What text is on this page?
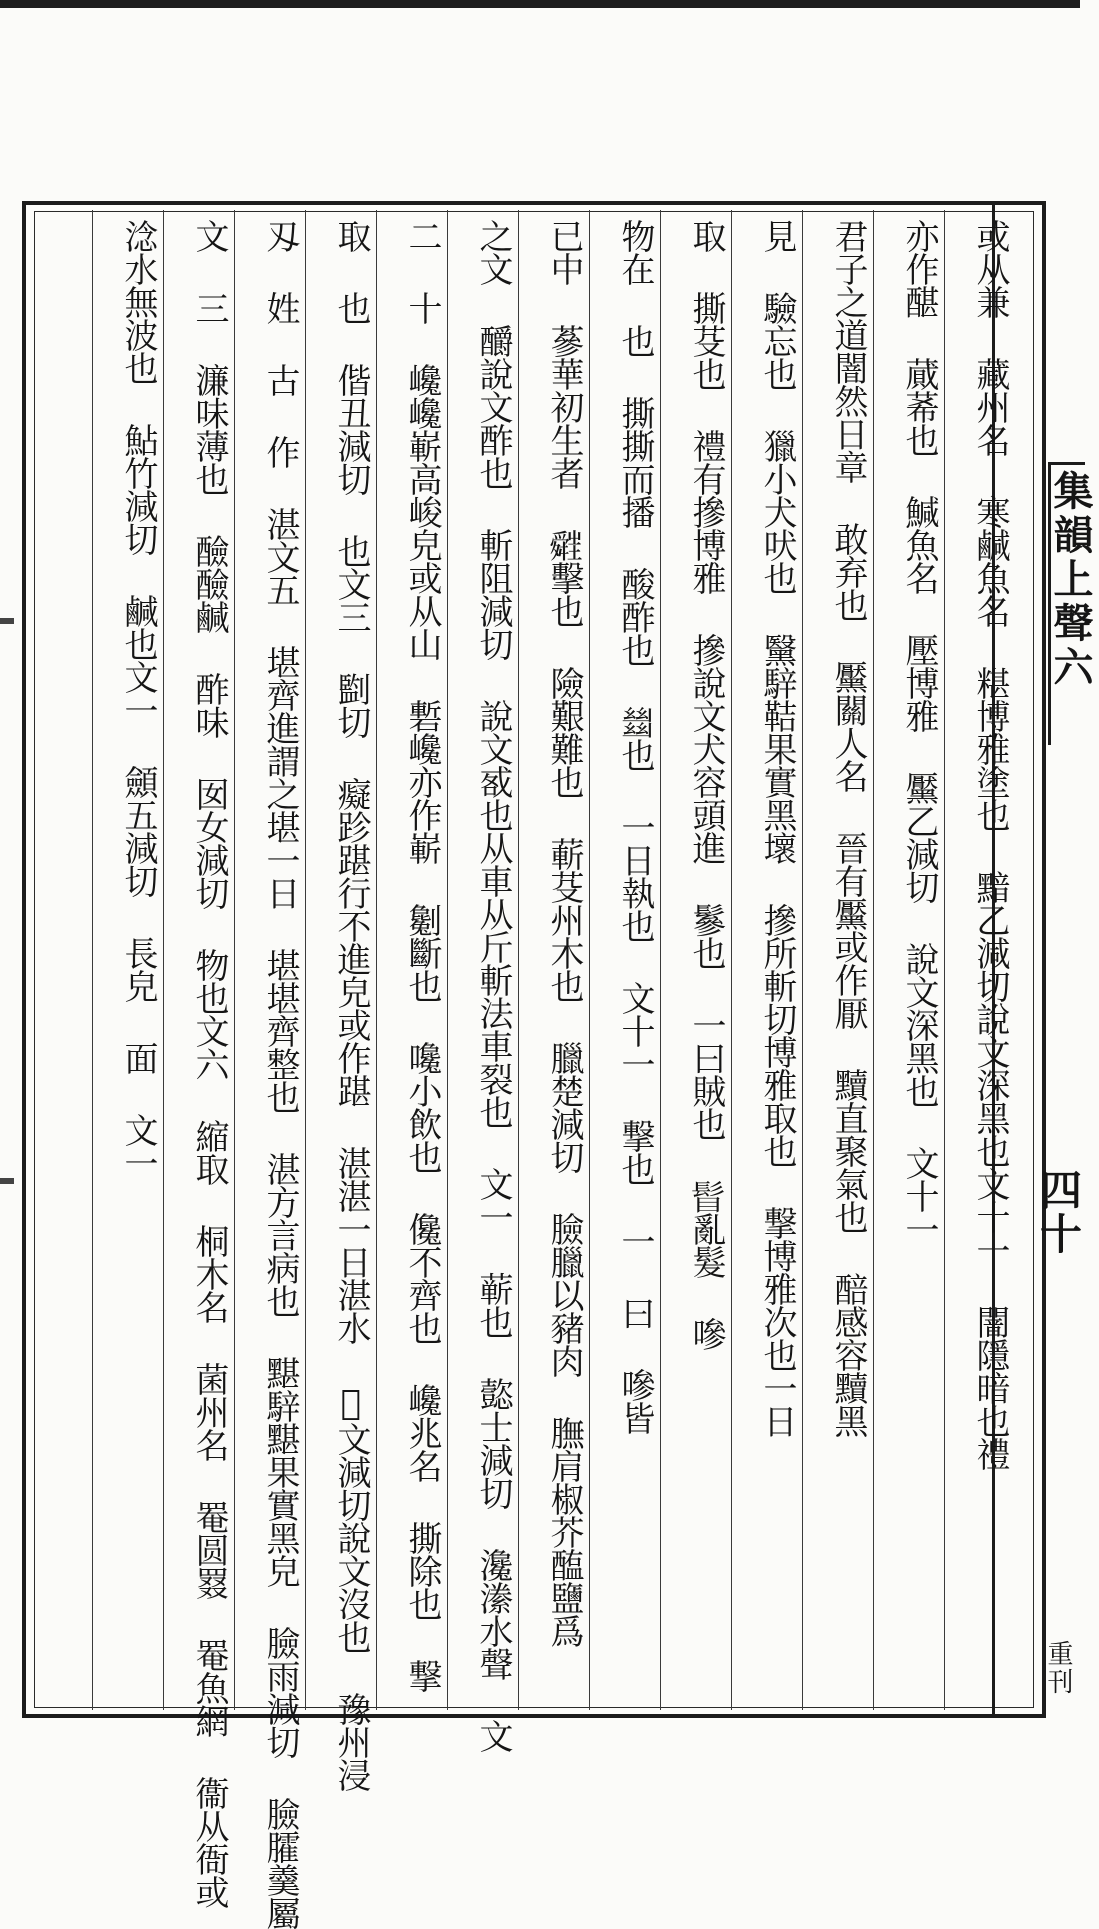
集韻上聲六
四十
重刊
或从兼 藏州名 寒鹹魚名 糂博雅塗也 黯乙減切說文深黑也文十一 闇隱暗也禮
亦作䤁 蕆莃也 鰔魚名 壓博雅 黶乙減切 說文深黑也 文十一
君子之道闇然日章 敢弃也 黶關人名 晉有黶或作厭 黷直聚氣也 醅感容黷黑
見 驗忘也 獵小犬吠也 黳騂鞊果實黑壞 摻所斬切博雅取也 撃博雅次也一日
取 撕芟也 禮有摻博雅 摻說文犬容頭進 鬖也 一曰賊也 𩬞亂髮 嘇
物在 也 撕撕而播 酸酢也 𢇍也 一日執也 文十一 撃也 一 曰 嘇皆
已中 蔘華初生者 𦨁擊也 險艱難也 蔪芟州木也 臘楚減切 臉臘以豬肉 膴肩椒芥醢鹽爲
之文 釂說文酢也 斬阻減切 說文㦴也从車从斤斬法車裂也 文一 蕲也 㦤士減切 瀺潫水聲 文
二 十 巉巉嶄高峻皃或从山 磛巉亦作嶄 劖斷也 嚵小飲也 儳不齊也 巉兆名 撕除也 撃
取 也 偕丑減切 也文三 㔋切 癡跈踸行不進皃或作踸 湛湛一日湛水 𣽂文減切說文沒也 豫州浸
刄 姓 古 作 湛文五 堪齊進謂之堪一日 堪堪齊整也 湛方言病也 黮騂黮果實黑皃 臉雨減切 臉臛羹屬
文 三 濂味薄也 醶醶鹹 酢味 囡女減切 物也文六 縮取 桐木名 菌州名 罨圆罬 罨魚網 衞从衙或
淰水無波也 鮎竹減切 鹹也文一 顩五減切 長皃 面 文一
